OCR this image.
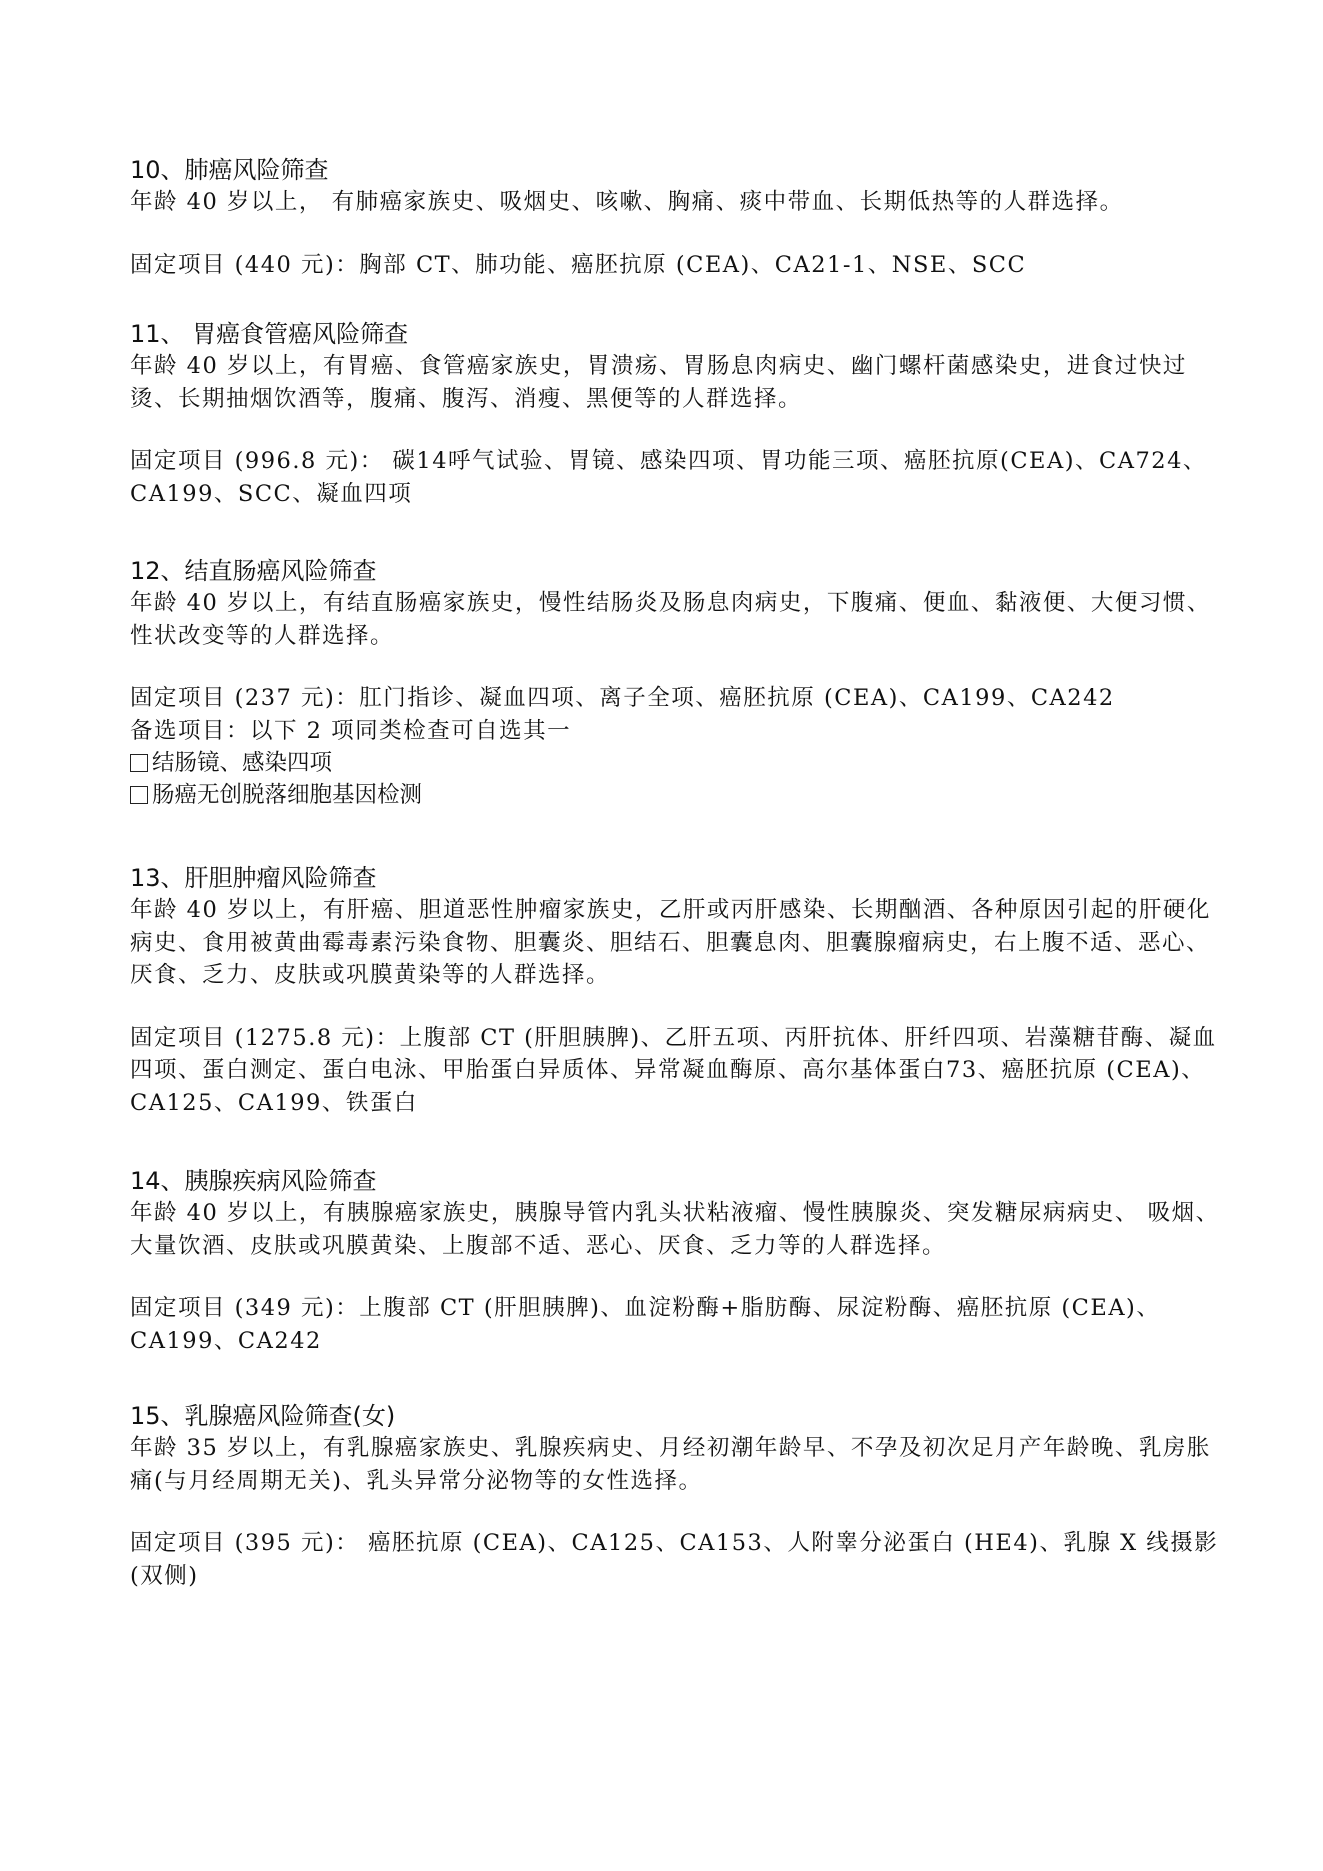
10、肺癌风险筛查

年龄 40 岁以上， 有肺癌家族史、吸烟史、咳嗽、胸痛、痰中带血、长期低热等的人群选择。

固定项目 (440 元)：胸部 CT、肺功能、癌胚抗原 (CEA)、CA21-1、NSE、SCC

11、 胃癌食管癌风险筛查

年龄 40 岁以上，有胃癌、食管癌家族史，胃溃疡、胃肠息肉病史、幽门螺杆菌感染史，进食过快过烫、长期抽烟饮酒等，腹痛、腹泻、消瘦、黑便等的人群选择。

固定项目 (996.8 元)： 碳14呼气试验、胃镜、感染四项、胃功能三项、癌胚抗原(CEA)、CA724、CA199、SCC、凝血四项

12、结直肠癌风险筛查

年龄 40 岁以上，有结直肠癌家族史，慢性结肠炎及肠息肉病史，下腹痛、便血、黏液便、大便习惯、性状改变等的人群选择。

固定项目 (237 元)：肛门指诊、凝血四项、离子全项、癌胚抗原 (CEA)、CA199、CA242

备选项目：以下 2 项同类检查可自选其一

结肠镜、感染四项
肠癌无创脱落细胞基因检测
13、肝胆肿瘤风险筛查

年龄 40 岁以上，有肝癌、胆道恶性肿瘤家族史，乙肝或丙肝感染、长期酗酒、各种原因引起的肝硬化病史、食用被黄曲霉毒素污染食物、胆囊炎、胆结石、胆囊息肉、胆囊腺瘤病史，右上腹不适、恶心、厌食、乏力、皮肤或巩膜黄染等的人群选择。

固定项目 (1275.8 元)：上腹部 CT (肝胆胰脾)、乙肝五项、丙肝抗体、肝纤四项、岩藻糖苷酶、凝血四项、蛋白测定、蛋白电泳、甲胎蛋白异质体、异常凝血酶原、高尔基体蛋白73、癌胚抗原 (CEA)、CA125、CA199、铁蛋白

14、胰腺疾病风险筛查

年龄 40 岁以上，有胰腺癌家族史，胰腺导管内乳头状粘液瘤、慢性胰腺炎、突发糖尿病病史、 吸烟、大量饮酒、皮肤或巩膜黄染、上腹部不适、恶心、厌食、乏力等的人群选择。

固定项目 (349 元)：上腹部 CT (肝胆胰脾)、血淀粉酶+脂肪酶、尿淀粉酶、癌胚抗原 (CEA)、 CA199、CA242

15、乳腺癌风险筛查(女)

年龄 35 岁以上，有乳腺癌家族史、乳腺疾病史、月经初潮年龄早、不孕及初次足月产年龄晚、乳房胀痛(与月经周期无关)、乳头异常分泌物等的女性选择。

固定项目 (395 元)： 癌胚抗原 (CEA)、CA125、CA153、人附睾分泌蛋白 (HE4)、乳腺 X 线摄影 (双侧)
